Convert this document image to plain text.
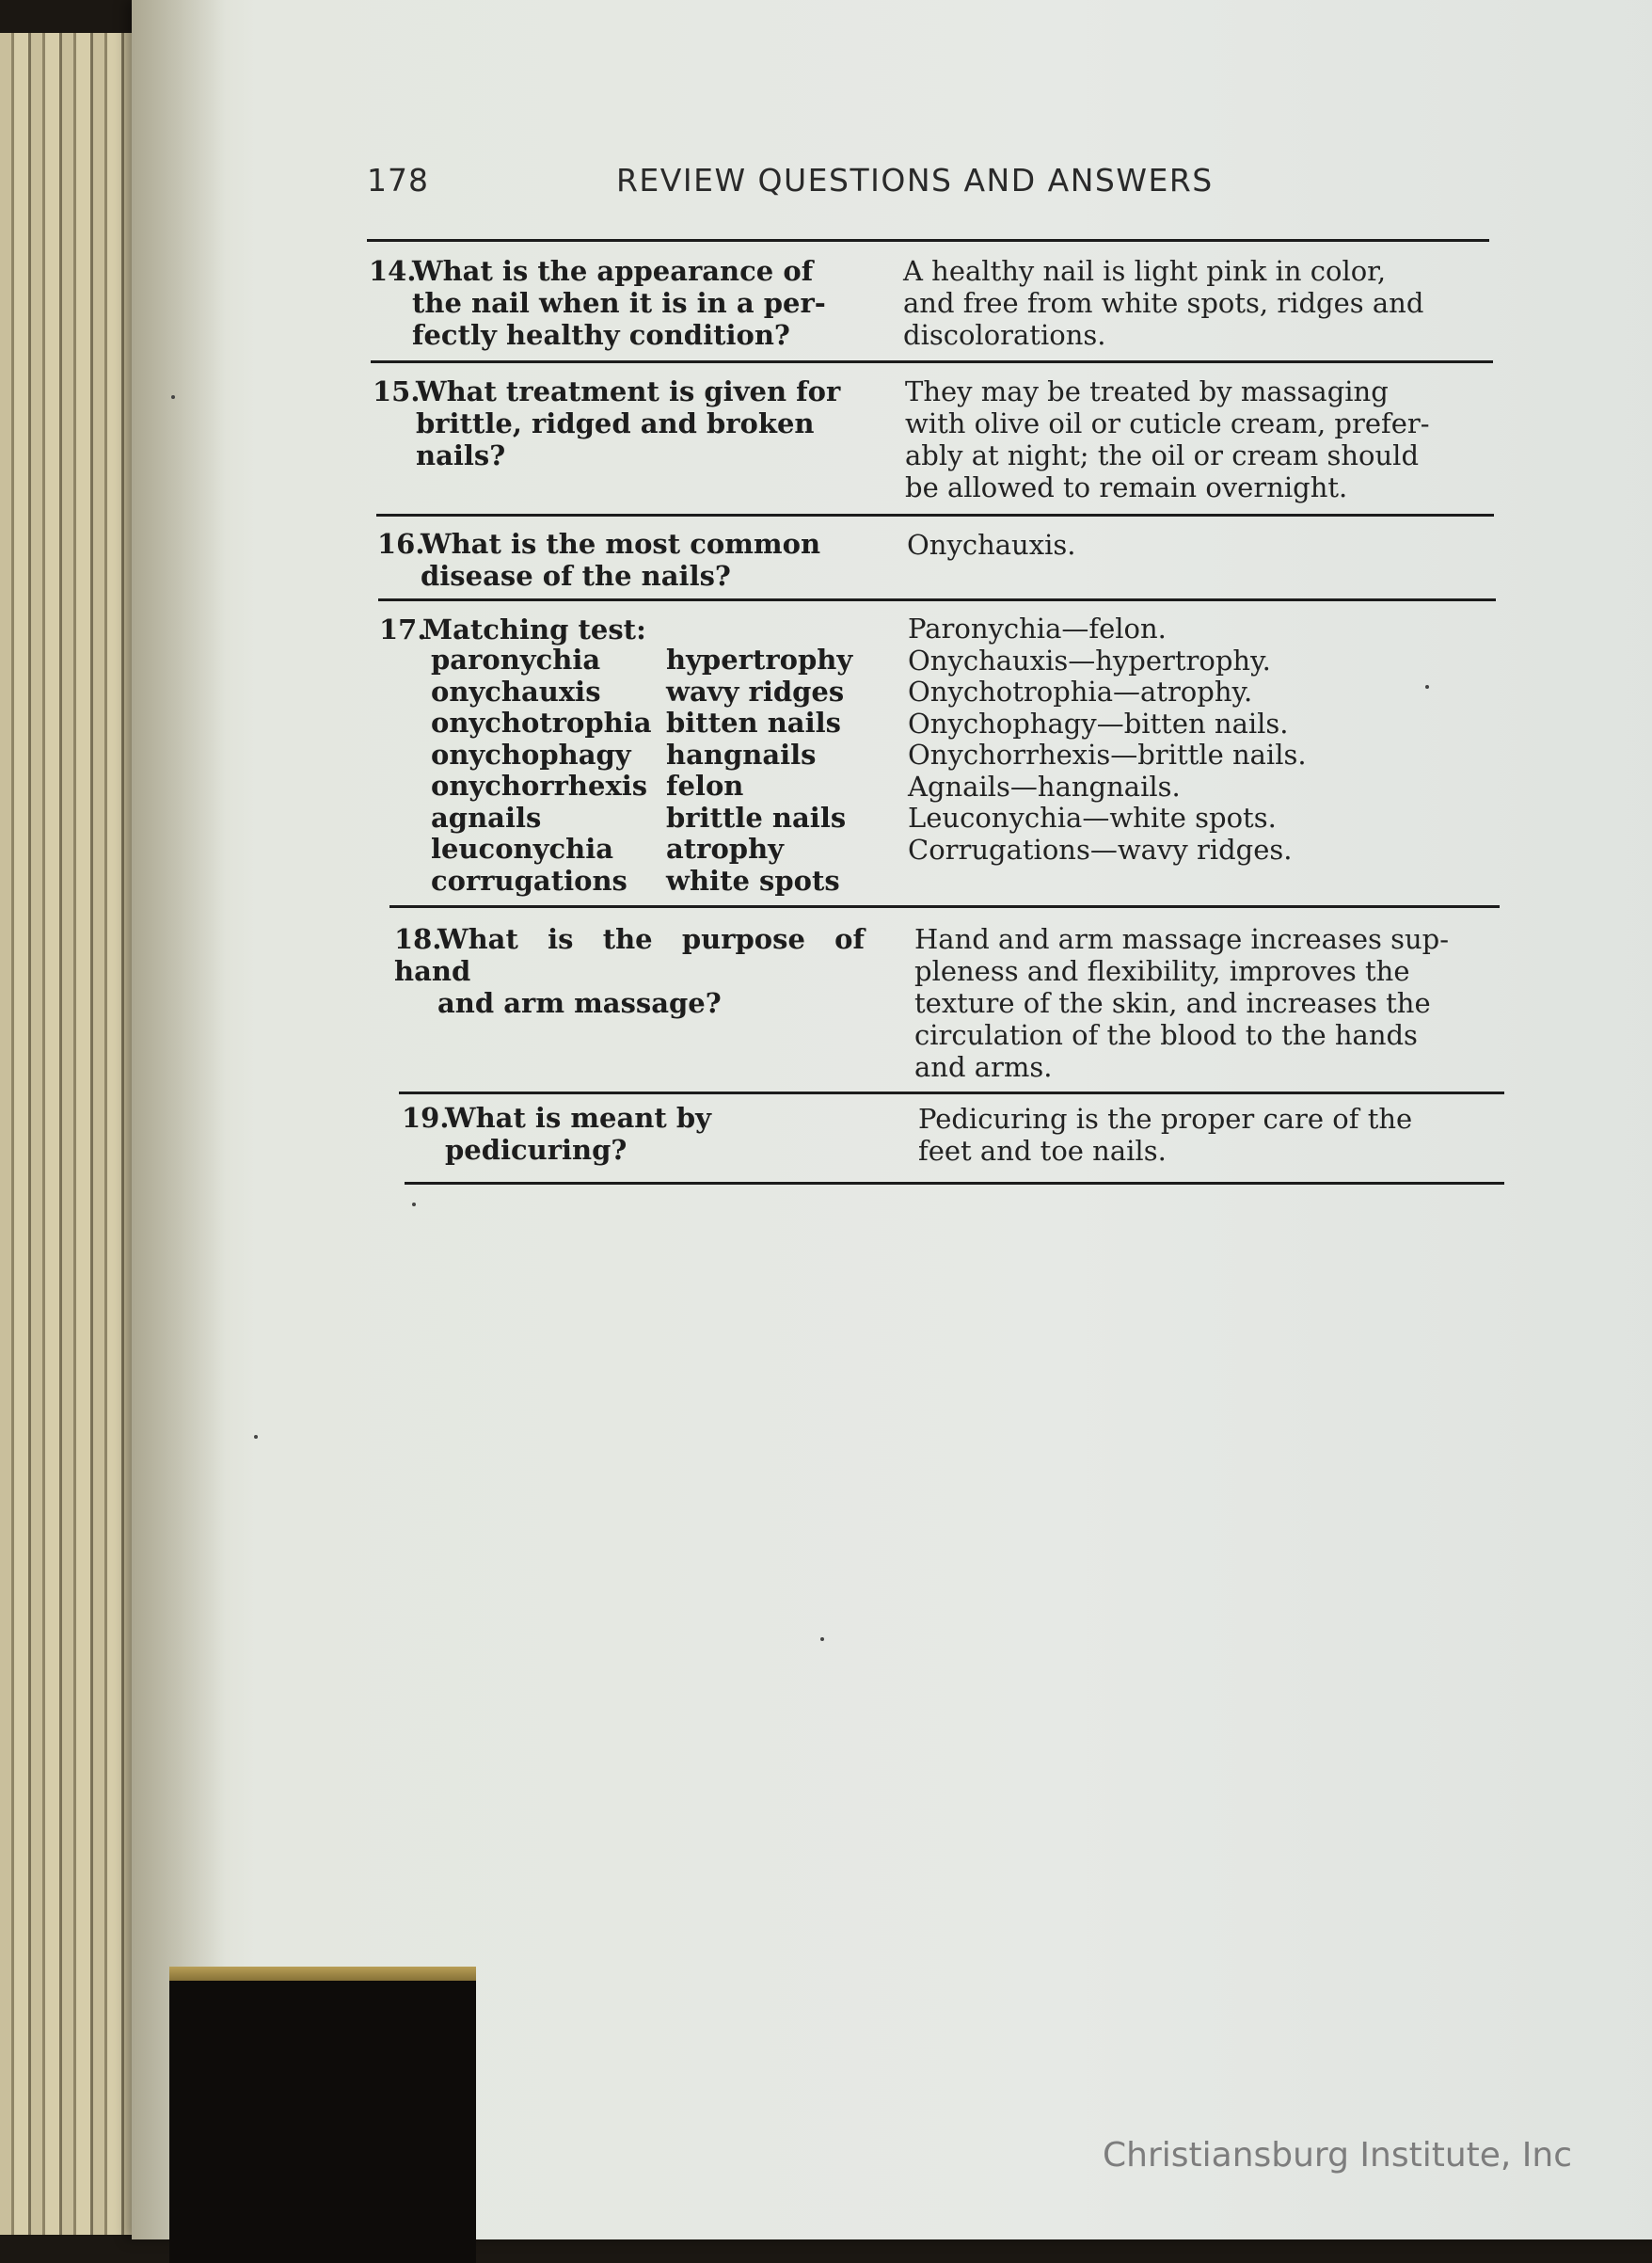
178	REVIEW QUESTIONS AND ANSWERS
14.What is the appearance of
the nail when it is in a per-
fectly healthy condition?
A healthy nail is light pink in color,
and free from white spots, ridges and
discolorations.
15.What treatment is given for
brittle, ridged and broken
nails?
They may be treated by massaging
with olive oil or cuticle cream, prefer-
ably at night; the oil or cream should
be allowed to remain overnight.
16.What is the most common
disease of the nails?
Onychauxis.
17.Matching test:
paronychia
onychauxis
onychotrophia
onychophagy
onychorrhexis
agnails
leuconychia
corrugations
hypertrophy
wavy ridges
bitten nails
hangnails
felon
brittle nails
atrophy
white spots
Paronychia—felon.
Onychauxis—hypertrophy.
Onychotrophia—atrophy.
Onychophagy—bitten nails.
Onychorrhexis—brittle nails.
Agnails—hangnails.
Leuconychia—white spots.
Corrugations—wavy ridges.
18.What is the purpose of hand
and arm massage?
Hand and arm massage increases sup-
pleness and flexibility, improves the
texture of the skin, and increases the
circulation of the blood to the hands
and arms.
19.What is meant by
pedicuring?
Pedicuring is the proper care of the
feet and toe nails.
Christiansburg Institute, Inc
